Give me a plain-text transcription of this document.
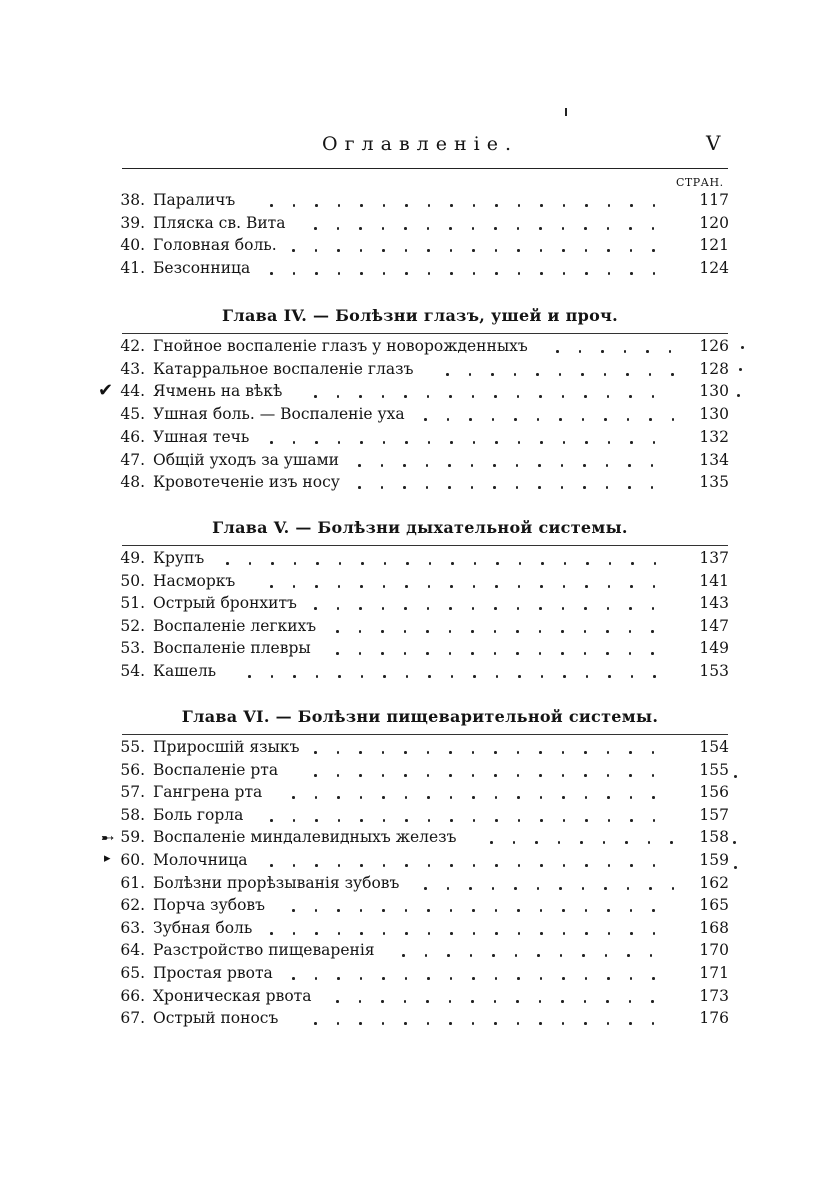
Оглавленіе.	V
СТРАН.
38. Параличъ	117
39. Пляска св. Вита	120
40. Головная боль.	121
41. Безсонница	124
Глава IV. — Болѣзни глазъ, ушей и проч.
42. Гнойное воспаленіе глазъ у новорожденныхъ	126
43. Катарральное воспаленіе глазъ	128
44. Ячмень на вѣкѣ	130
45. Ушная боль. — Воспаленіе уха	130
46. Ушная течь	132
47. Общій уходъ за ушами	134
48. Кровотеченіе изъ носу	135
Глава V. — Болѣзни дыхательной системы.
49. Крупъ	137
50. Насморкъ	141
51. Острый бронхитъ	143
52. Воспаленіе легкихъ	147
53. Воспаленіе плевры	149
54. Кашель	153
Глава VI. — Болѣзни пищеварительной системы.
55. Приросшій языкъ	154
56. Воспаленіе рта	155
57. Гангрена рта	156
58. Боль горла	157
59. Воспаленіе миндалевидныхъ железъ	158
60. Молочница	159
61. Болѣзни прорѣзыванія зубовъ	162
62. Порча зубовъ	165
63. Зубная боль	168
64. Разстройство пищеваренія	170
65. Простая рвота	171
66. Хроническая рвота	173
67. Острый поносъ	176
✔
➸
▸
